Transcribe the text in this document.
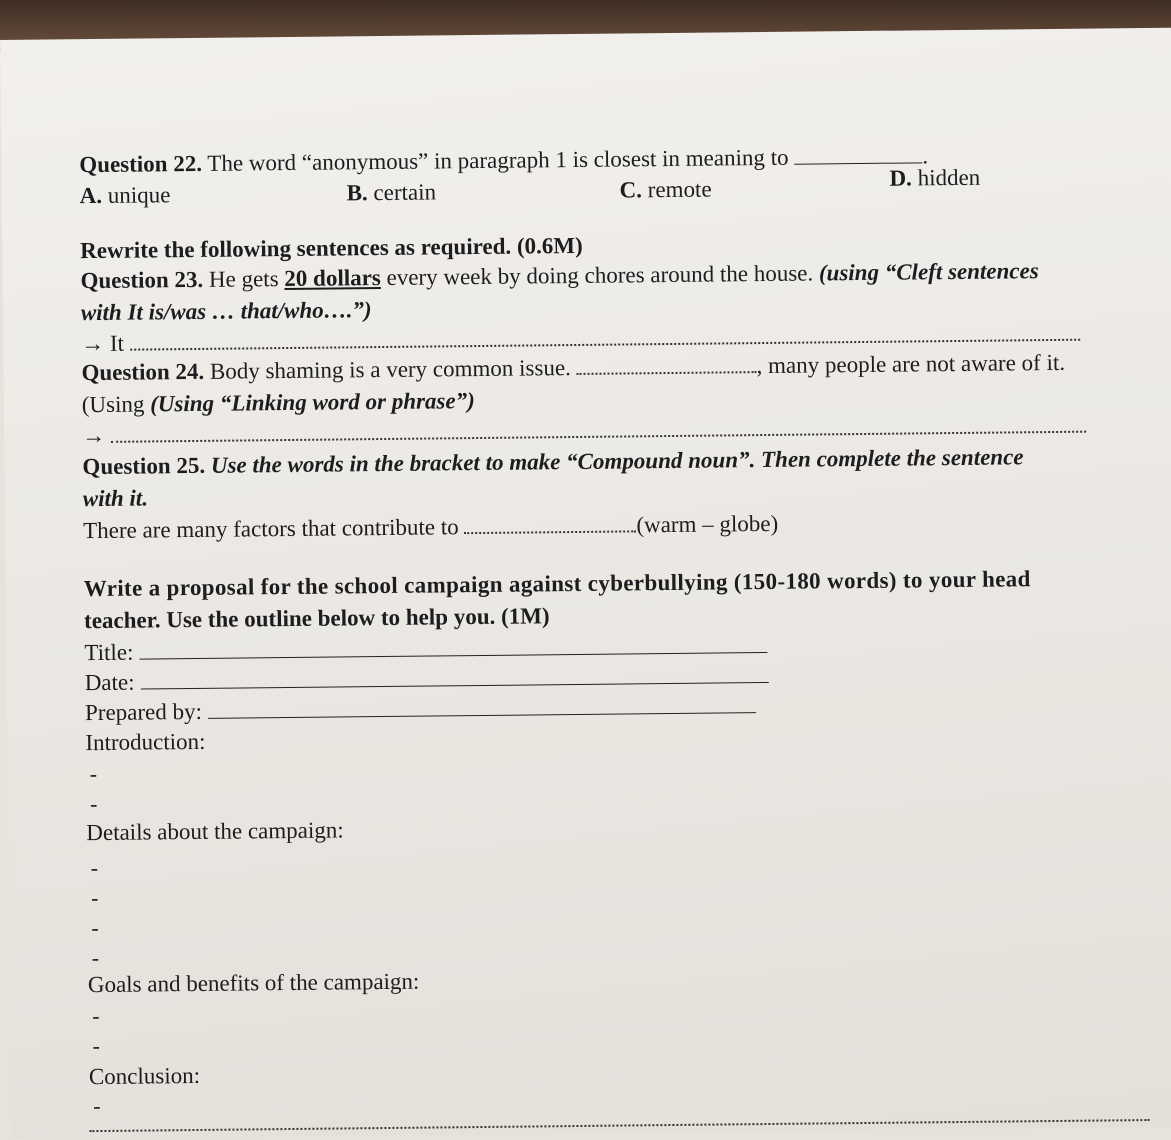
Question 22. The word “anonymous” in paragraph 1 is closest in meaning to	.
A. unique	B. certain	C. remote	D. hidden
Rewrite the following sentences as required. (0.6M)
Question 23. He gets 20 dollars every week by doing chores around the house. (using “Cleft sentences
with It is/was … that/who….”)
→ It
Question 24. Body shaming is a very common issue.	, many people are not aware of it.
(Using (Using “Linking word or phrase”)
→
Question 25. Use the words in the bracket to make “Compound noun”. Then complete the sentence
with it.
There are many factors that contribute to	(warm – globe)
Write a proposal for the school campaign against cyberbullying (150-180 words) to your head
teacher. Use the outline below to help you. (1M)
Title:
Date:
Prepared by:
Introduction:
-
-
Details about the campaign:
-
-
-
-
Goals and benefits of the campaign:
-
-
Conclusion:
-
